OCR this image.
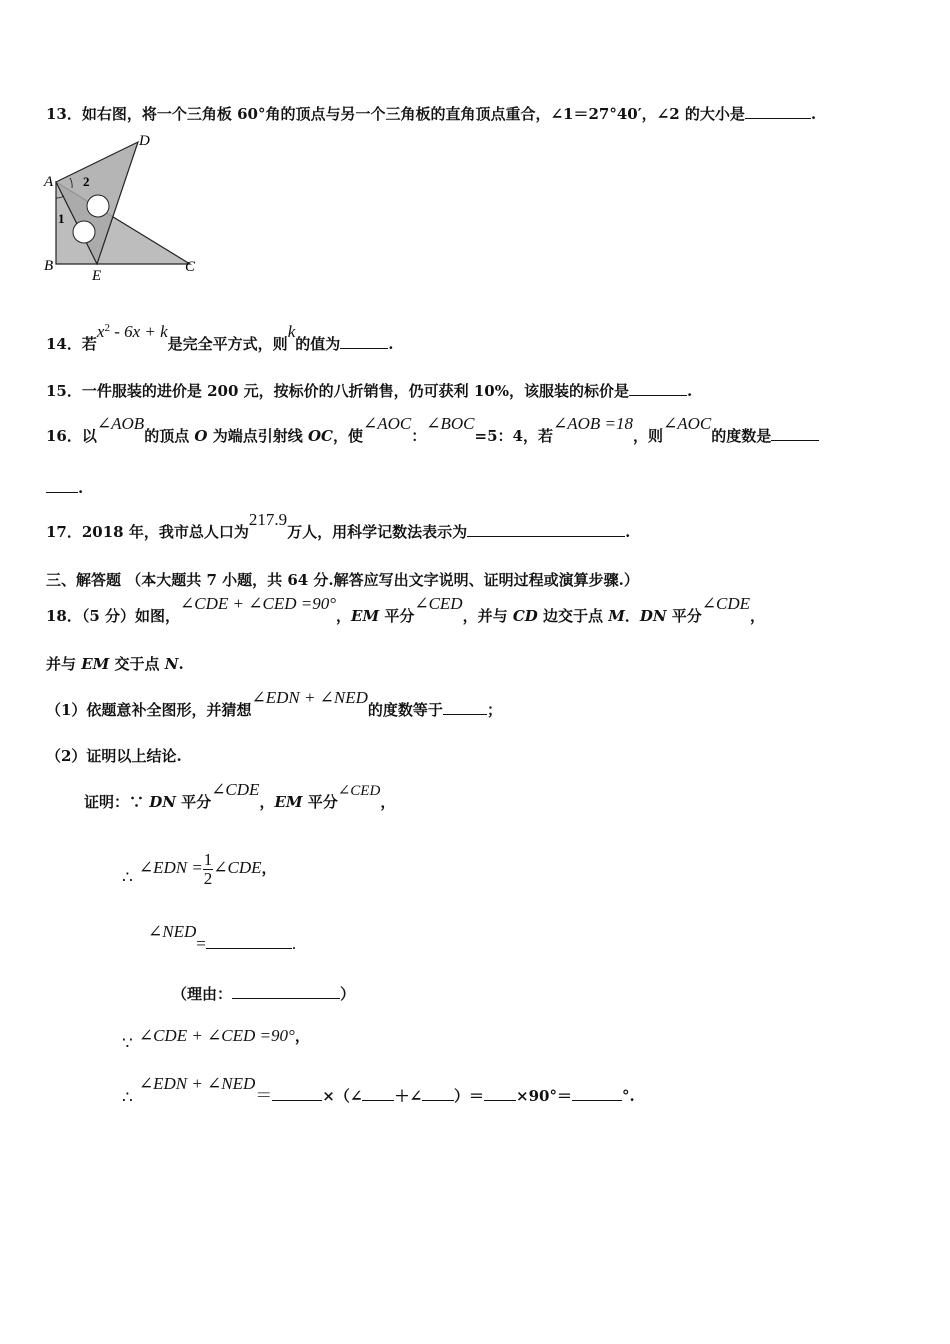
13．如右图，将一个三角板 60°角的顶点与另一个三角板的直角顶点重合，∠1＝27°40′，∠2 的大小是	.
A
B	C
D
E
1
2
14．若$x^2 - 6x + k$是完全平方式，则k的值为	.
15．一件服装的进价是 200 元，按标价的八折销售，仍可获利 10%，该服装的标价是	.
16．以∠AOB的顶点 O 为端点引射线 OC，使∠AOC：∠BOC=5：4，若∠AOB =18，则∠AOC的度数是
.
17．2018 年，我市总人口为217.9万人，用科学记数法表示为	.
三、解答题 （本大题共 7 小题，共 64 分.解答应写出文字说明、证明过程或演算步骤.）
18．（5 分）如图，∠CDE + ∠CED =90°，EM 平分∠CED，并与 CD 边交于点 M．DN 平分∠CDE，
并与 EM 交于点 N.
（1）依题意补全图形，并猜想∠EDN + ∠NED的度数等于	；
（2）证明以上结论.
证明：∵ DN 平分∠CDE，EM 平分∠CED，
∴∠EDN = $\frac{1}{2}$ ∠CDE，
∠NED=	.
（理由：	）
∵ ∠CDE + ∠CED =90°，
∴∠EDN + ∠NED＝	×（∠ ＋∠ ）＝ ×90°＝	°.
